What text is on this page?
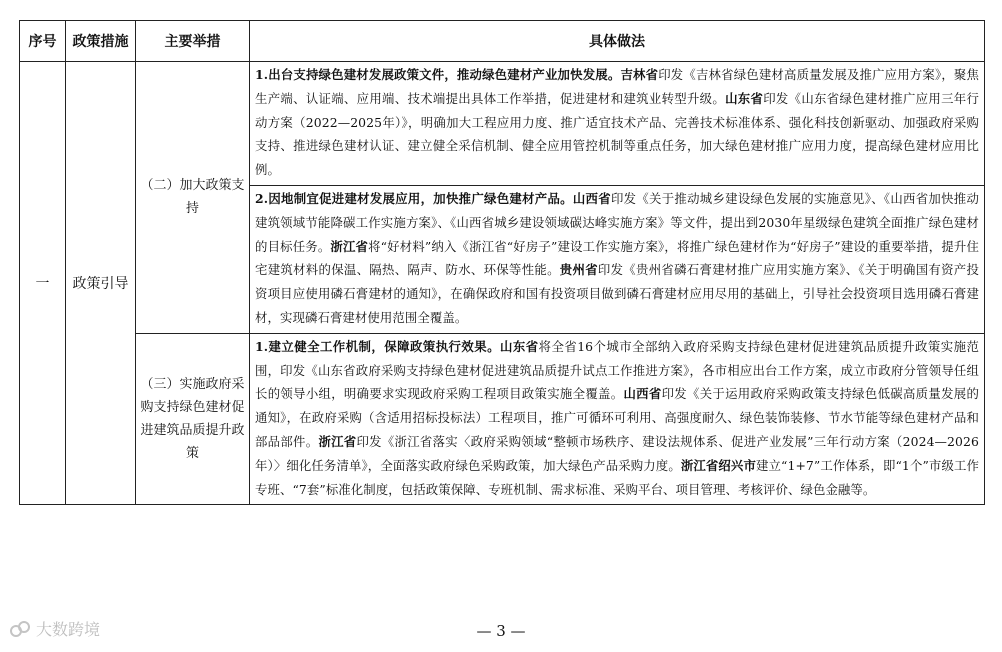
序号	政策措施	主要举措	具体做法
一	政策引导	（二）加大政策支持	1.出台支持绿色建材发展政策文件，推动绿色建材产业加快发展。吉林省印发《吉林省绿色建材高质量发展及推广应用方案》，聚焦生产端、认证端、应用端、技术端提出具体工作举措，促进建材和建筑业转型升级。山东省印发《山东省绿色建材推广应用三年行动方案（2022—2025年）》，明确加大工程应用力度、推广适宜技术产品、完善技术标准体系、强化科技创新驱动、加强政府采购支持、推进绿色建材认证、建立健全采信机制、健全应用管控机制等重点任务，加大绿色建材推广应用力度，提高绿色建材应用比例。
			2.因地制宜促进建材发展应用，加快推广绿色建材产品。山西省印发《关于推动城乡建设绿色发展的实施意见》、《山西省加快推动建筑领域节能降碳工作实施方案》、《山西省城乡建设领域碳达峰实施方案》等文件，提出到2030年星级绿色建筑全面推广绿色建材的目标任务。浙江省将“好材料”纳入《浙江省“好房子”建设工作实施方案》，将推广绿色建材作为“好房子”建设的重要举措，提升住宅建筑材料的保温、隔热、隔声、防水、环保等性能。贵州省印发《贵州省磷石膏建材推广应用实施方案》、《关于明确国有资产投资项目应使用磷石膏建材的通知》，在确保政府和国有投资项目做到磷石膏建材应用尽用的基础上，引导社会投资项目选用磷石膏建材，实现磷石膏建材使用范围全覆盖。
		（三）实施政府采购支持绿色建材促进建筑品质提升政策	1.建立健全工作机制，保障政策执行效果。山东省将全省16个城市全部纳入政府采购支持绿色建材促进建筑品质提升政策实施范围，印发《山东省政府采购支持绿色建材促进建筑品质提升试点工作推进方案》，各市相应出台工作方案，成立市政府分管领导任组长的领导小组，明确要求实现政府采购工程项目政策实施全覆盖。山西省印发《关于运用政府采购政策支持绿色低碳高质量发展的通知》，在政府采购（含适用招标投标法）工程项目，推广可循环可利用、高强度耐久、绿色装饰装修、节水节能等绿色建材产品和部品部件。浙江省印发《浙江省落实〈政府采购领域“整顿市场秩序、建设法规体系、促进产业发展”三年行动方案（2024—2026年）〉细化任务清单》，全面落实政府绿色采购政策，加大绿色产品采购力度。浙江省绍兴市建立“1+7”工作体系，即“1个”市级工作专班、“7套”标准化制度，包括政策保障、专班机制、需求标准、采购平台、项目管理、考核评价、绿色金融等。
大数跨境	— 3 —
